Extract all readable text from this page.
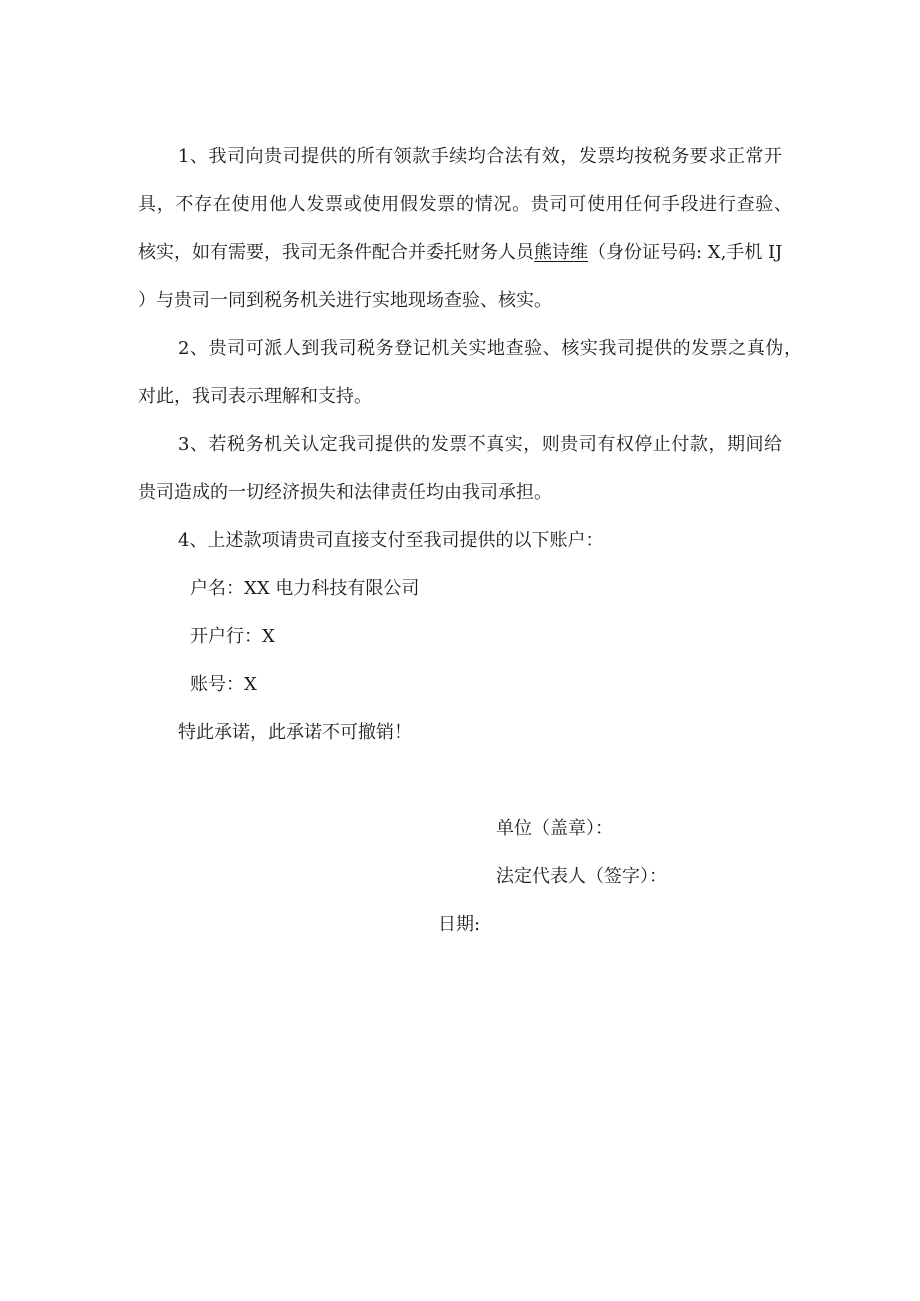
1、我司向贵司提供的所有领款手续均合法有效，发票均按税务要求正常开
具，不存在使用他人发票或使用假发票的情况。贵司可使用任何手段进行查验、
核实，如有需要，我司无条件配合并委托财务人员熊诗维（身份证号码: X,手机 IJ
）与贵司一同到税务机关进行实地现场查验、核实。
2、贵司可派人到我司税务登记机关实地查验、核实我司提供的发票之真伪，
对此，我司表示理解和支持。
3、若税务机关认定我司提供的发票不真实，则贵司有权停止付款，期间给
贵司造成的一切经济损失和法律责任均由我司承担。
4、上述款项请贵司直接支付至我司提供的以下账户：
户名：XX 电力科技有限公司
开户行：X
账号：X
特此承诺，此承诺不可撤销！
单位（盖章）：
法定代表人（签字）：
日期:
